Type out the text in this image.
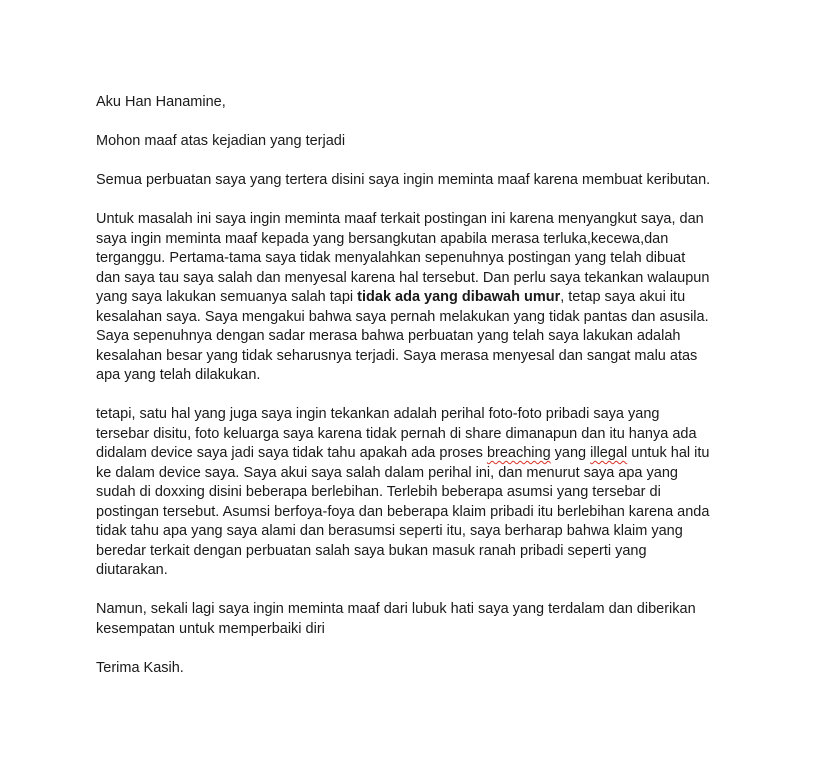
Aku Han Hanamine,

Mohon maaf atas kejadian yang terjadi

Semua perbuatan saya yang tertera disini saya ingin meminta maaf karena membuat keributan.

Untuk masalah ini saya ingin meminta maaf terkait postingan ini karena menyangkut saya, dan
saya ingin meminta maaf kepada yang bersangkutan apabila merasa terluka,kecewa,dan
terganggu. Pertama-tama saya tidak menyalahkan sepenuhnya postingan yang telah dibuat
dan saya tau saya salah dan menyesal karena hal tersebut. Dan perlu saya tekankan walaupun
yang saya lakukan semuanya salah tapi tidak ada yang dibawah umur, tetap saya akui itu
kesalahan saya. Saya mengakui bahwa saya pernah melakukan yang tidak pantas dan asusila.
Saya sepenuhnya dengan sadar merasa bahwa perbuatan yang telah saya lakukan adalah
kesalahan besar yang tidak seharusnya terjadi. Saya merasa menyesal dan sangat malu atas
apa yang telah dilakukan.

tetapi, satu hal yang juga saya ingin tekankan adalah perihal foto-foto pribadi saya yang
tersebar disitu, foto keluarga saya karena tidak pernah di share dimanapun dan itu hanya ada
didalam device saya jadi saya tidak tahu apakah ada proses breaching yang illegal untuk hal itu
ke dalam device saya. Saya akui saya salah dalam perihal ini, dan menurut saya apa yang
sudah di doxxing disini beberapa berlebihan. Terlebih beberapa asumsi yang tersebar di
postingan tersebut. Asumsi berfoya-foya dan beberapa klaim pribadi itu berlebihan karena anda
tidak tahu apa yang saya alami dan berasumsi seperti itu, saya berharap bahwa klaim yang
beredar terkait dengan perbuatan salah saya bukan masuk ranah pribadi seperti yang
diutarakan.

Namun, sekali lagi saya ingin meminta maaf dari lubuk hati saya yang terdalam dan diberikan
kesempatan untuk memperbaiki diri

Terima Kasih.
